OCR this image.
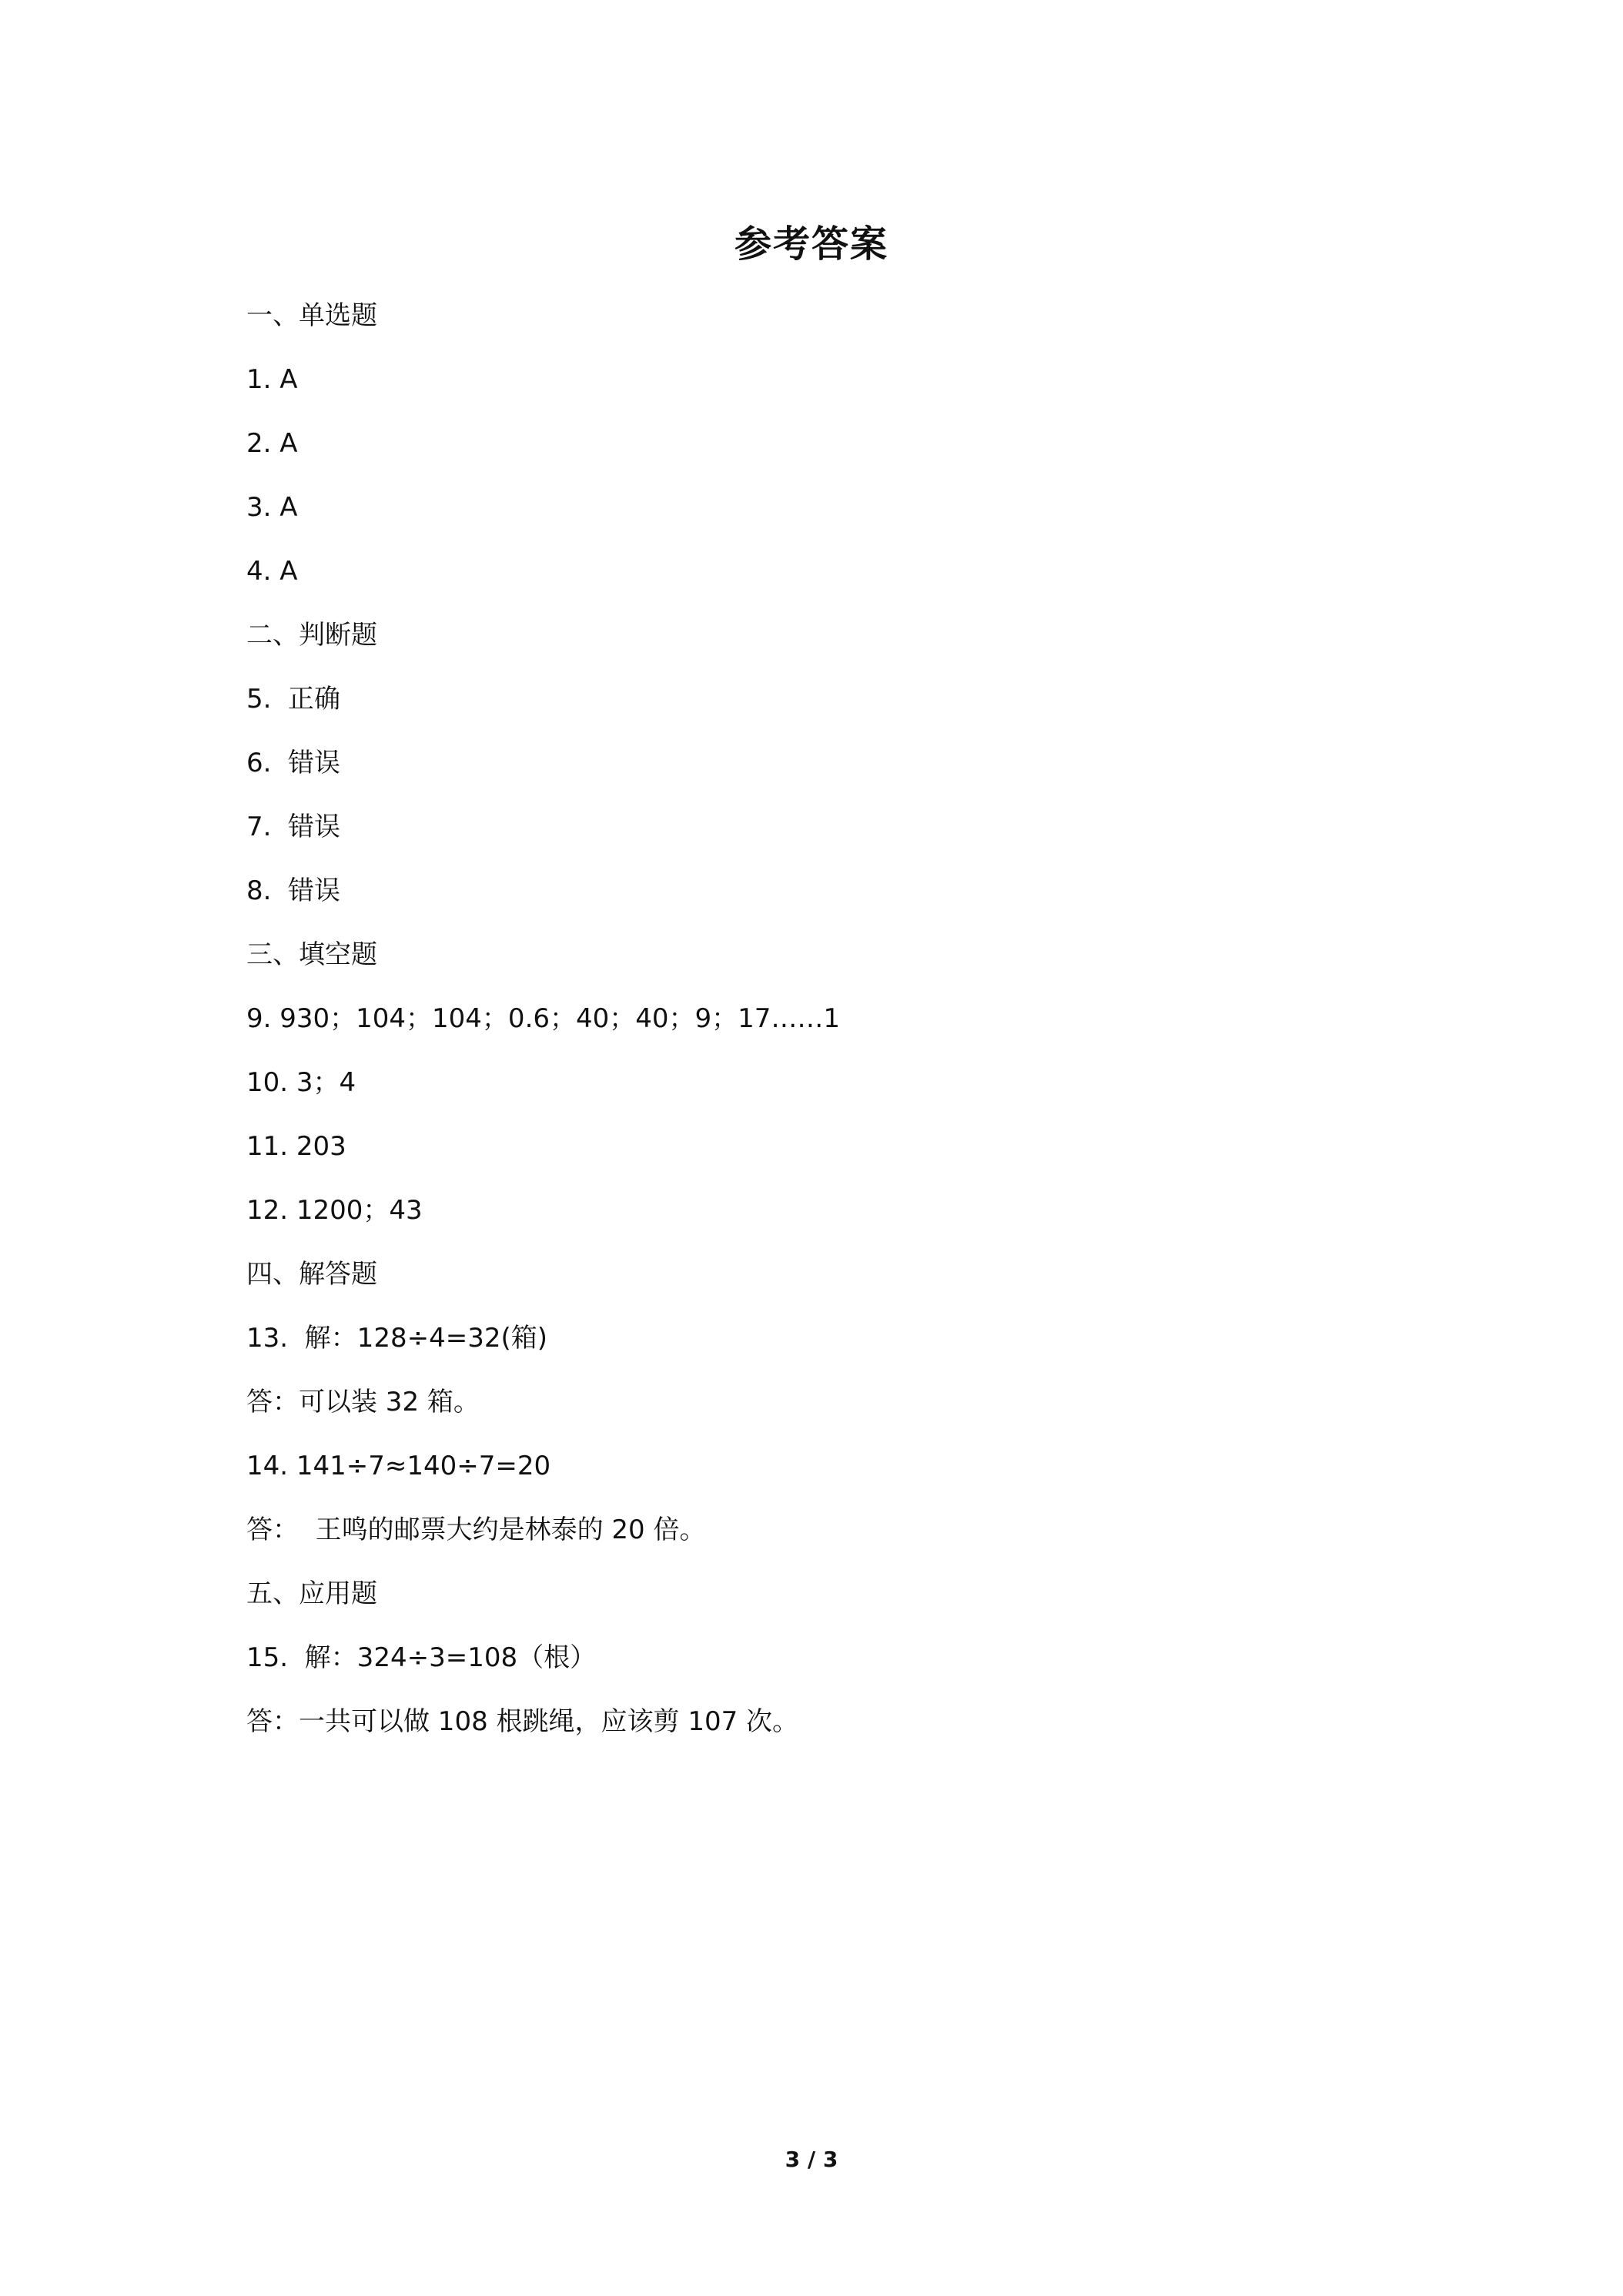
参考答案
一、单选题
1. A
2. A
3. A
4. A
二、判断题
5.  正确
6.  错误
7.  错误
8.  错误
三、填空题
9. 930；104；104；0.6；40；40；9；17……1
10. 3；4
11. 203
12. 1200；43
四、解答题
13.  解：128÷4=32(箱)
答：可以装 32 箱。
14. 141÷7≈140÷7=20
答：  王鸣的邮票大约是林泰的 20 倍。
五、应用题
15.  解：324÷3=108（根）
答：一共可以做 108 根跳绳，应该剪 107 次。
3 / 3
